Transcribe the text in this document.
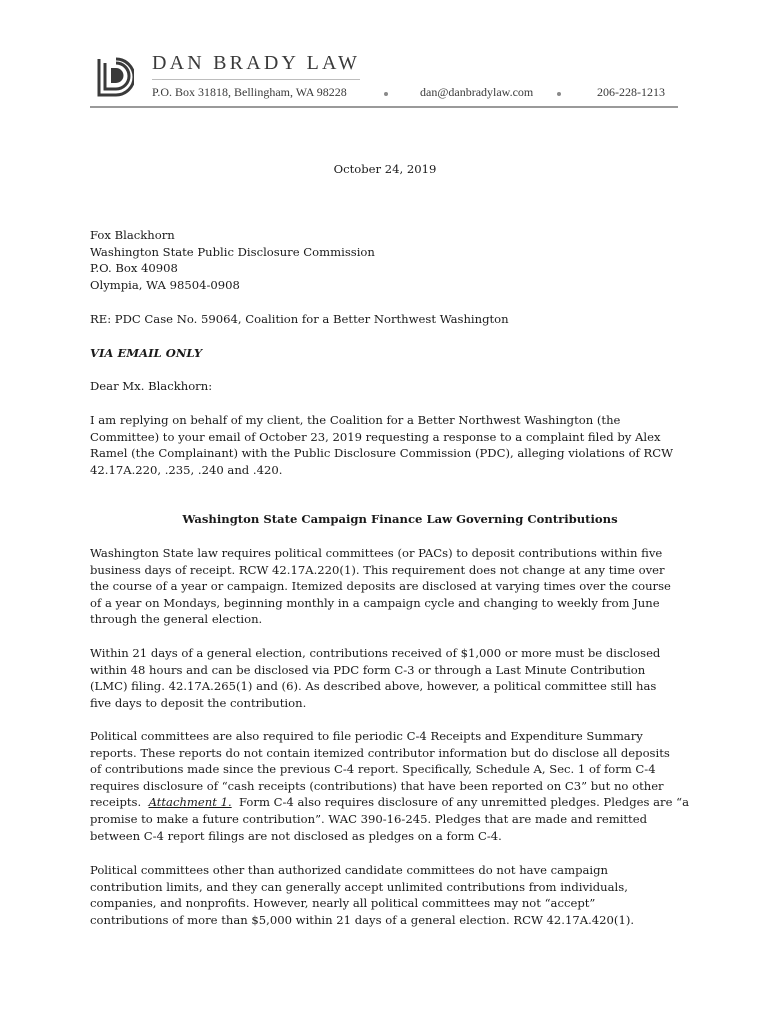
DAN BRADY LAW
P.O. Box 31818, Bellingham, WA 98228	dan@danbradylaw.com	206-228-1213
October 24, 2019
Fox Blackhorn
Washington State Public Disclosure Commission
P.O. Box 40908
Olympia, WA 98504-0908
RE: PDC Case No. 59064, Coalition for a Better Northwest Washington
VIA EMAIL ONLY
Dear Mx. Blackhorn:
I am replying on behalf of my client, the Coalition for a Better Northwest Washington (the
Committee) to your email of October 23, 2019 requesting a response to a complaint filed by Alex
Ramel (the Complainant) with the Public Disclosure Commission (PDC), alleging violations of RCW
42.17A.220, .235, .240 and .420.
Washington State Campaign Finance Law Governing Contributions
Washington State law requires political committees (or PACs) to deposit contributions within five
business days of receipt. RCW 42.17A.220(1). This requirement does not change at any time over
the course of a year or campaign. Itemized deposits are disclosed at varying times over the course
of a year on Mondays, beginning monthly in a campaign cycle and changing to weekly from June
through the general election.
Within 21 days of a general election, contributions received of $1,000 or more must be disclosed
within 48 hours and can be disclosed via PDC form C-3 or through a Last Minute Contribution
(LMC) filing. 42.17A.265(1) and (6). As described above, however, a political committee still has
five days to deposit the contribution.
Political committees are also required to file periodic C-4 Receipts and Expenditure Summary
reports. These reports do not contain itemized contributor information but do disclose all deposits
of contributions made since the previous C-4 report. Specifically, Schedule A, Sec. 1 of form C-4
requires disclosure of “cash receipts (contributions) that have been reported on C3” but no other
receipts.  Attachment 1.  Form C-4 also requires disclosure of any unremitted pledges. Pledges are “a
promise to make a future contribution”. WAC 390-16-245. Pledges that are made and remitted
between C-4 report filings are not disclosed as pledges on a form C-4.
Political committees other than authorized candidate committees do not have campaign
contribution limits, and they can generally accept unlimited contributions from individuals,
companies, and nonprofits. However, nearly all political committees may not “accept”
contributions of more than $5,000 within 21 days of a general election. RCW 42.17A.420(1).
